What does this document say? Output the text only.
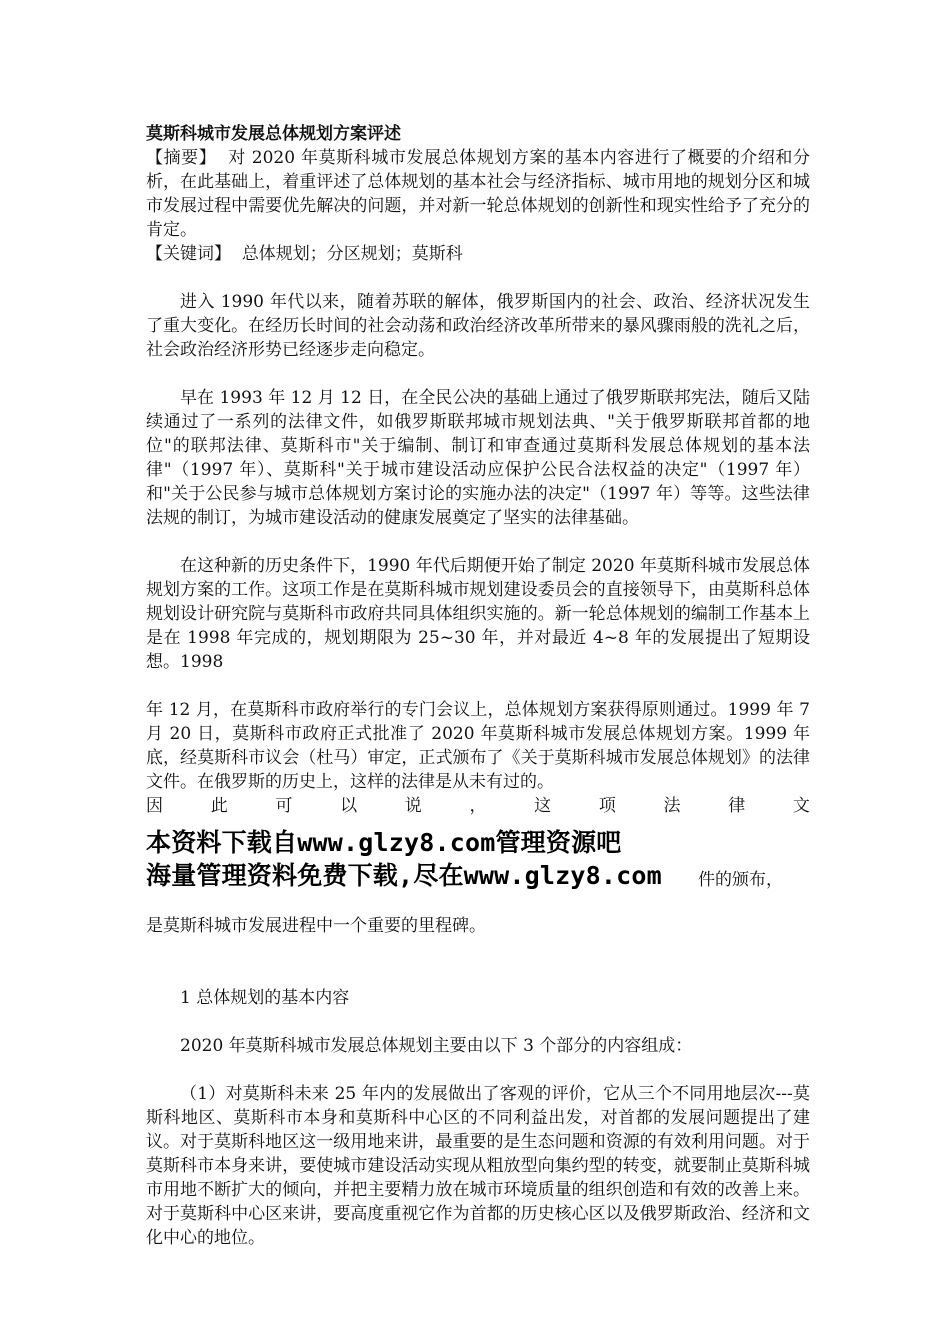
莫斯科城市发展总体规划方案评述

【摘要】 对 2020 年莫斯科城市发展总体规划方案的基本内容进行了概要的介绍和分析，在此基础上，着重评述了总体规划的基本社会与经济指标、城市用地的规划分区和城市发展过程中需要优先解决的问题，并对新一轮总体规划的创新性和现实性给予了充分的肯定。

【关键词】 总体规划；分区规划；莫斯科

进入 1990 年代以来，随着苏联的解体，俄罗斯国内的社会、政治、经济状况发生了重大变化。在经历长时间的社会动荡和政治经济改革所带来的暴风骤雨般的洗礼之后，社会政治经济形势已经逐步走向稳定。

早在 1993 年 12 月 12 日，在全民公决的基础上通过了俄罗斯联邦宪法，随后又陆续通过了一系列的法律文件，如俄罗斯联邦城市规划法典、"关于俄罗斯联邦首都的地位"的联邦法律、莫斯科市"关于编制、制订和审查通过莫斯科发展总体规划的基本法律"（1997 年）、莫斯科"关于城市建设活动应保护公民合法权益的决定"（1997 年）和"关于公民参与城市总体规划方案讨论的实施办法的决定"（1997 年）等等。这些法律法规的制订，为城市建设活动的健康发展奠定了坚实的法律基础。

在这种新的历史条件下，1990 年代后期便开始了制定 2020 年莫斯科城市发展总体规划方案的工作。这项工作是在莫斯科城市规划建设委员会的直接领导下，由莫斯科总体规划设计研究院与莫斯科市政府共同具体组织实施的。新一轮总体规划的编制工作基本上是在 1998 年完成的，规划期限为 25~30 年，并对最近 4~8 年的发展提出了短期设想。1998

年 12 月，在莫斯科市政府举行的专门会议上，总体规划方案获得原则通过。1999 年 7 月 20 日，莫斯科市政府正式批准了 2020 年莫斯科城市发展总体规划方案。1999 年底，经莫斯科市议会（杜马）审定，正式颁布了《关于莫斯科城市发展总体规划》的法律文件。在俄罗斯的历史上，这样的法律是从未有过的。

因	此	可	以	说	，	这	项	法	律	文
本资料下载自www.glzy8.com管理资源吧
海量管理资料免费下载,尽在www.glzy8.com 件的颁布，

是莫斯科城市发展进程中一个重要的里程碑。

1 总体规划的基本内容

2020 年莫斯科城市发展总体规划主要由以下 3 个部分的内容组成：

（1）对莫斯科未来 25 年内的发展做出了客观的评价，它从三个不同用地层次---莫斯科地区、莫斯科市本身和莫斯科中心区的不同利益出发，对首都的发展问题提出了建议。对于莫斯科地区这一级用地来讲，最重要的是生态问题和资源的有效利用问题。对于莫斯科市本身来讲，要使城市建设活动实现从粗放型向集约型的转变，就要制止莫斯科城市用地不断扩大的倾向，并把主要精力放在城市环境质量的组织创造和有效的改善上来。对于莫斯科中心区来讲，要高度重视它作为首都的历史核心区以及俄罗斯政治、经济和文化中心的地位。
